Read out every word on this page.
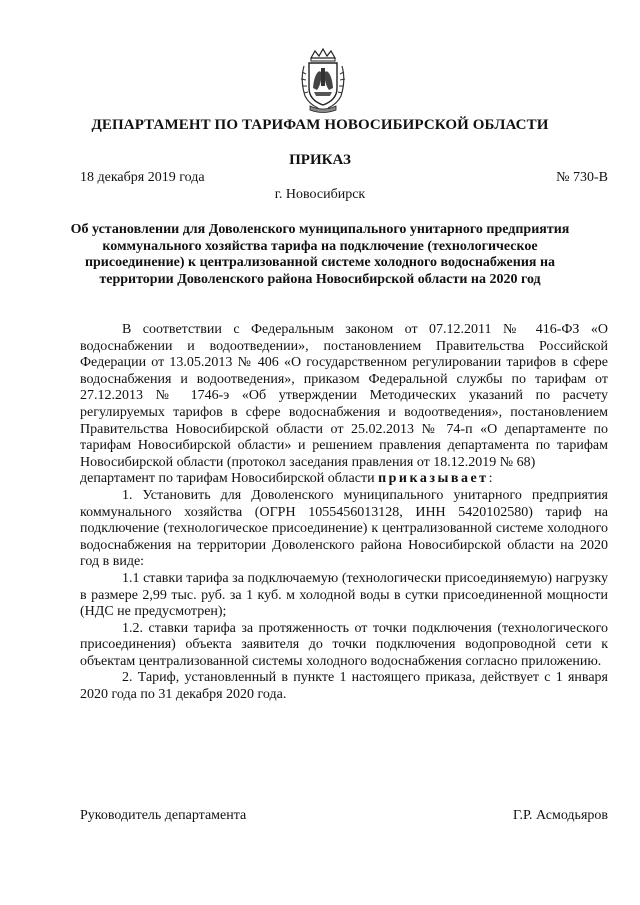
ДЕПАРТАМЕНТ ПО ТАРИФАМ НОВОСИБИРСКОЙ ОБЛАСТИ
ПРИКАЗ
18 декабря 2019 года	№ 730-В
г. Новосибирск
Об установлении для Доволенского муниципального унитарного предприятия коммунального хозяйства тарифа на подключение (технологическое присоединение) к централизованной системе холодного водоснабжения на территории Доволенского района Новосибирской области на 2020 год

В соответствии с Федеральным законом от 07.12.2011 № 416-ФЗ «О водоснабжении и водоотведении», постановлением Правительства Российской Федерации от 13.05.2013 № 406 «О государственном регулировании тарифов в сфере водоснабжения и водоотведения», приказом Федеральной службы по тарифам от 27.12.2013 № 1746-э «Об утверждении Методических указаний по расчету регулируемых тарифов в сфере водоснабжения и водоотведения», постановлением Правительства Новосибирской области от 25.02.2013 № 74-п «О департаменте по тарифам Новосибирской области» и решением правления департамента по тарифам Новосибирской области (протокол заседания правления от 18.12.2019 № 68)

департамент по тарифам Новосибирской области приказывает:

1. Установить для Доволенского муниципального унитарного предприятия коммунального хозяйства (ОГРН 1055456013128, ИНН 5420102580) тариф на подключение (технологическое присоединение) к централизованной системе холодного водоснабжения на территории Доволенского района Новосибирской области на 2020 год в виде:

1.1 ставки тарифа за подключаемую (технологически присоединяемую) нагрузку в размере 2,99 тыс. руб. за 1 куб. м холодной воды в сутки присоединенной мощности (НДС не предусмотрен);

1.2. ставки тарифа за протяженность от точки подключения (технологического присоединения) объекта заявителя до точки подключения водопроводной сети к объектам централизованной системы холодного водоснабжения согласно приложению.

2. Тариф, установленный в пункте 1 настоящего приказа, действует с 1 января 2020 года по 31 декабря 2020 года.

Руководитель департамента	Г.Р. Асмодьяров
